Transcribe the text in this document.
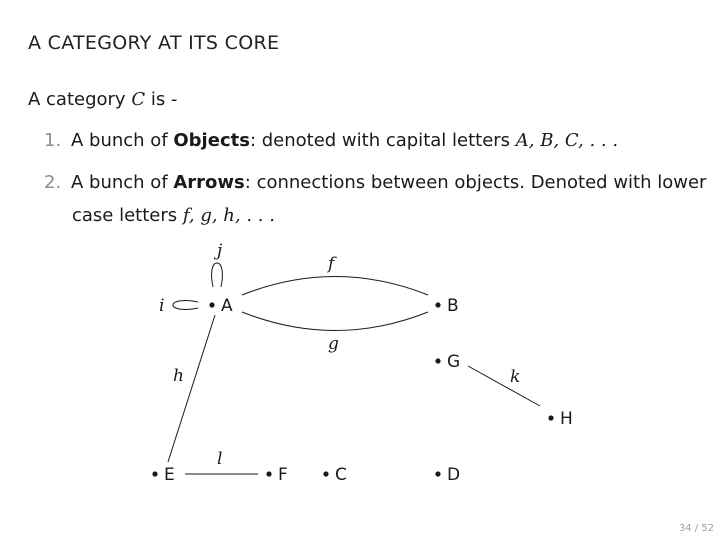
A CATEGORY AT ITS CORE
A category C is -
1. A bunch of Objects: denoted with capital letters A, B, C, . . .
2. A bunch of Arrows: connections between objects. Denoted with lower
case letters f, g, h, . . .
A	B
G
H
E	F	C	D
f
g
j
i
h
l
k
34 / 52
